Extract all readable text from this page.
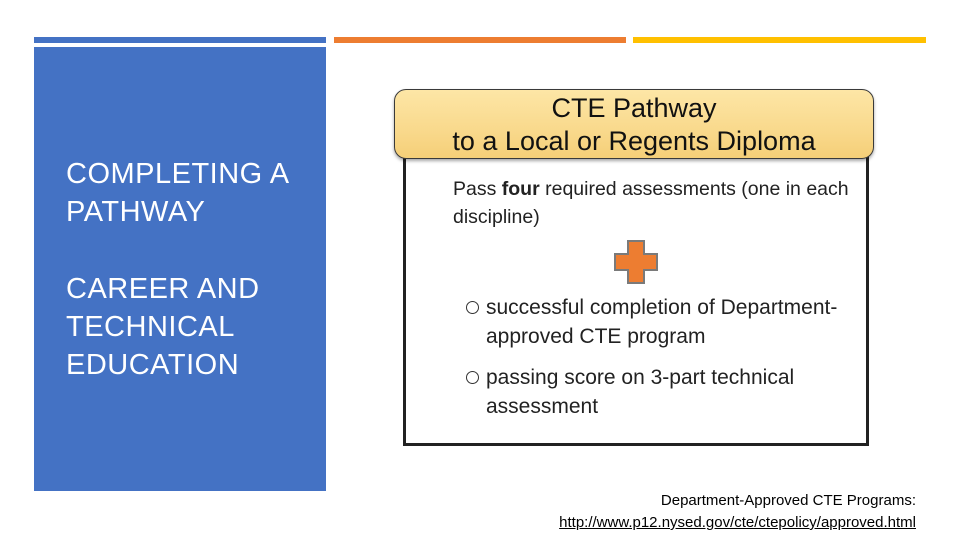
COMPLETING A PATHWAY

CAREER AND TECHNICAL EDUCATION

Pass four required assessments (one in each discipline)
successful completion of Department-approved CTE program
passing score on 3-part technical assessment
CTE Pathway
to a Local or Regents Diploma
Department-Approved CTE Programs:
http://www.p12.nysed.gov/cte/ctepolicy/approved.html
